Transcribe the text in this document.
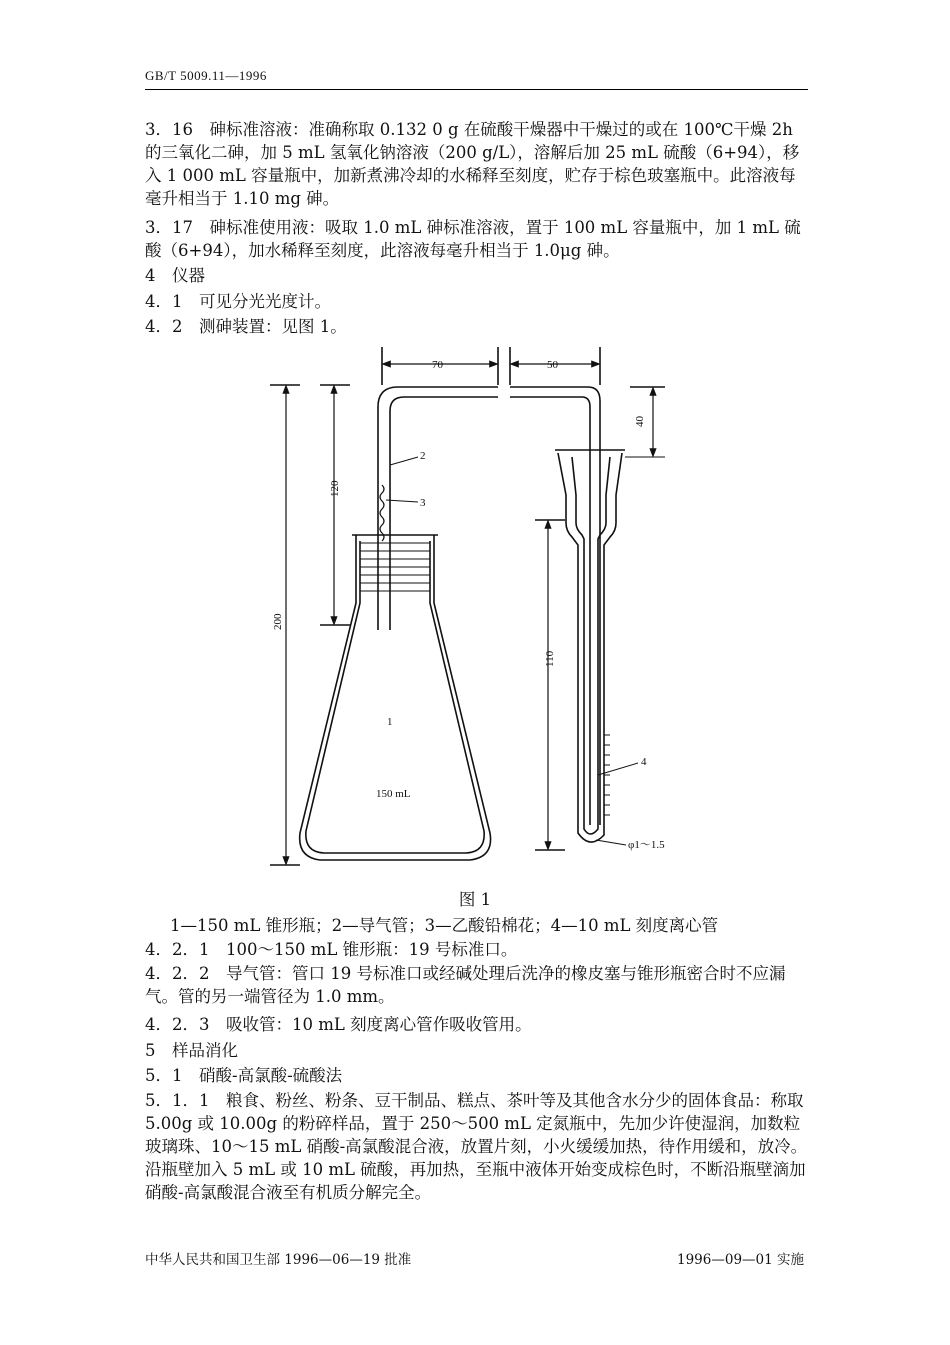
GB/T 5009.11—1996
3．16　砷标准溶液：准确称取 0.132 0 g 在硫酸干燥器中干燥过的或在 100℃干燥 2h 的三氧化二砷，加 5 mL 氢氧化钠溶液（200 g/L），溶解后加 25 mL 硫酸（6+94），移入 1 000 mL 容量瓶中，加新煮沸冷却的水稀释至刻度，贮存于棕色玻塞瓶中。此溶液每毫升相当于 1.10 mg 砷。
3．17　砷标准使用液：吸取 1.0 mL 砷标准溶液，置于 100 mL 容量瓶中，加 1 mL 硫酸（6+94），加水稀释至刻度，此溶液每毫升相当于 1.0μg 砷。
4　仪器
4．1　可见分光光度计。
4．2　测砷装置：见图 1。
70	50
40
200
120
110
2
3
1
150 mL
4
φ1～1.5
图 1
1—150 mL 锥形瓶；2—导气管；3—乙酸铅棉花；4—10 mL 刻度离心管
4．2．1　100～150 mL 锥形瓶：19 号标准口。
4．2．2　导气管：管口 19 号标准口或经碱处理后洗净的橡皮塞与锥形瓶密合时不应漏气。管的另一端管径为 1.0 mm。
4．2．3　吸收管：10 mL 刻度离心管作吸收管用。
5　样品消化
5．1　硝酸-高氯酸-硫酸法
5．1．1　粮食、粉丝、粉条、豆干制品、糕点、茶叶等及其他含水分少的固体食品：称取 5.00g 或 10.00g 的粉碎样品，置于 250～500 mL 定氮瓶中，先加少许使湿润，加数粒玻璃珠、10～15 mL 硝酸-高氯酸混合液，放置片刻，小火缓缓加热，待作用缓和，放冷。沿瓶壁加入 5 mL 或 10 mL 硫酸，再加热，至瓶中液体开始变成棕色时，不断沿瓶壁滴加硝酸-高氯酸混合液至有机质分解完全。
中华人民共和国卫生部 1996—06—19 批准	1996—09—01 实施
